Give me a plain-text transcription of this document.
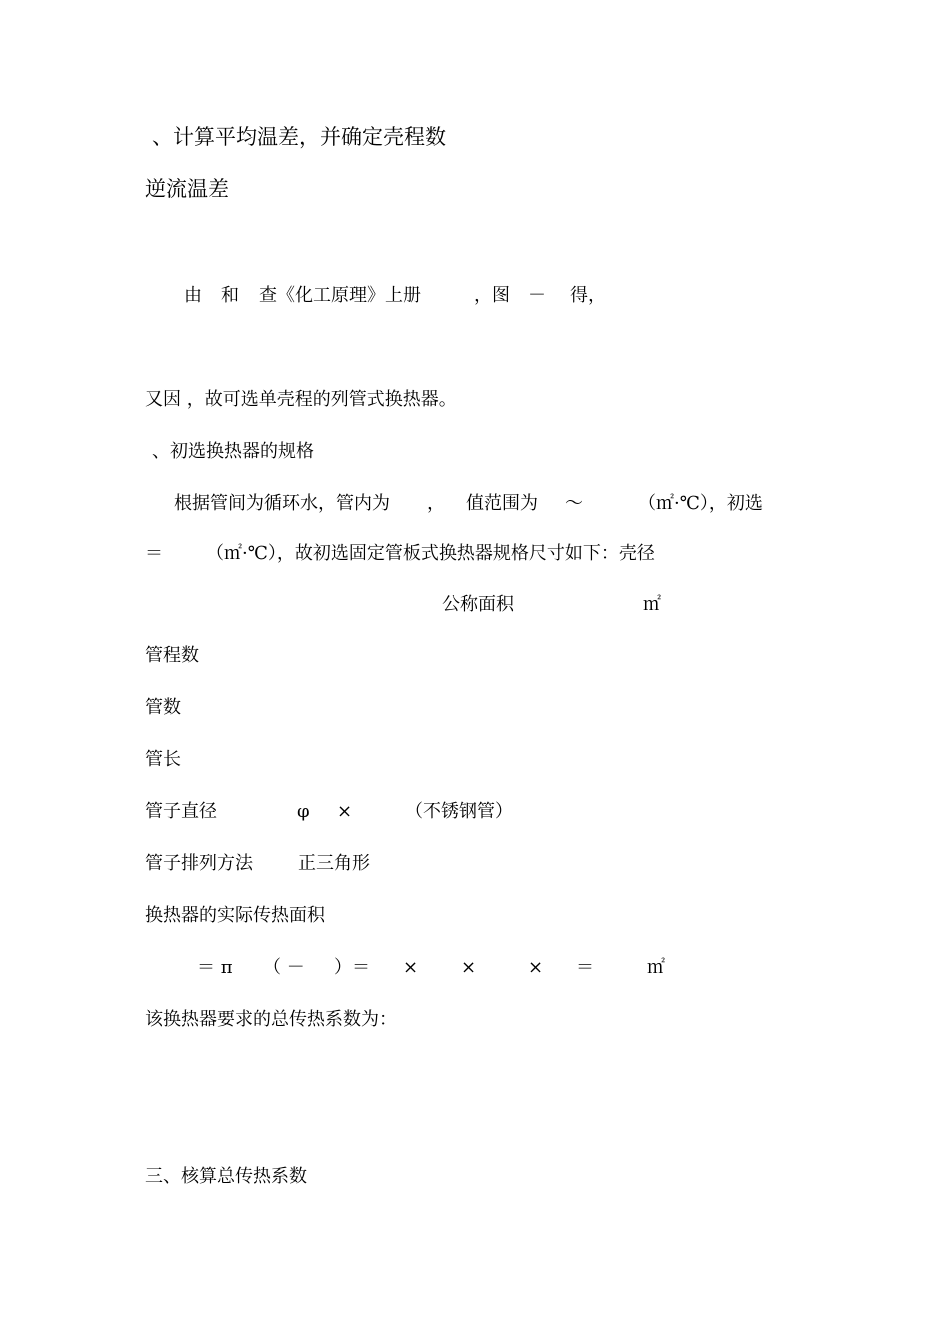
、计算平均温差，并确定壳程数
逆流温差
由 和 查《化工原理》上册	，图 － 得，
又因 ，故可选单壳程的列管式换热器。
、初选换热器的规格
根据管间为循环水，管内为 ， 值范围为 ～	（㎡·℃），初选
＝ （㎡·℃），故初选固定管板式换热器规格尺寸如下：壳径
公称面积	㎡
管程数
管数
管长
管子直径	φ ×	（不锈钢管）
管子排列方法	正三角形
换热器的实际传热面积
＝ π （ － ）＝ × ×	× ＝	㎡
该换热器要求的总传热系数为：
三、核算总传热系数
